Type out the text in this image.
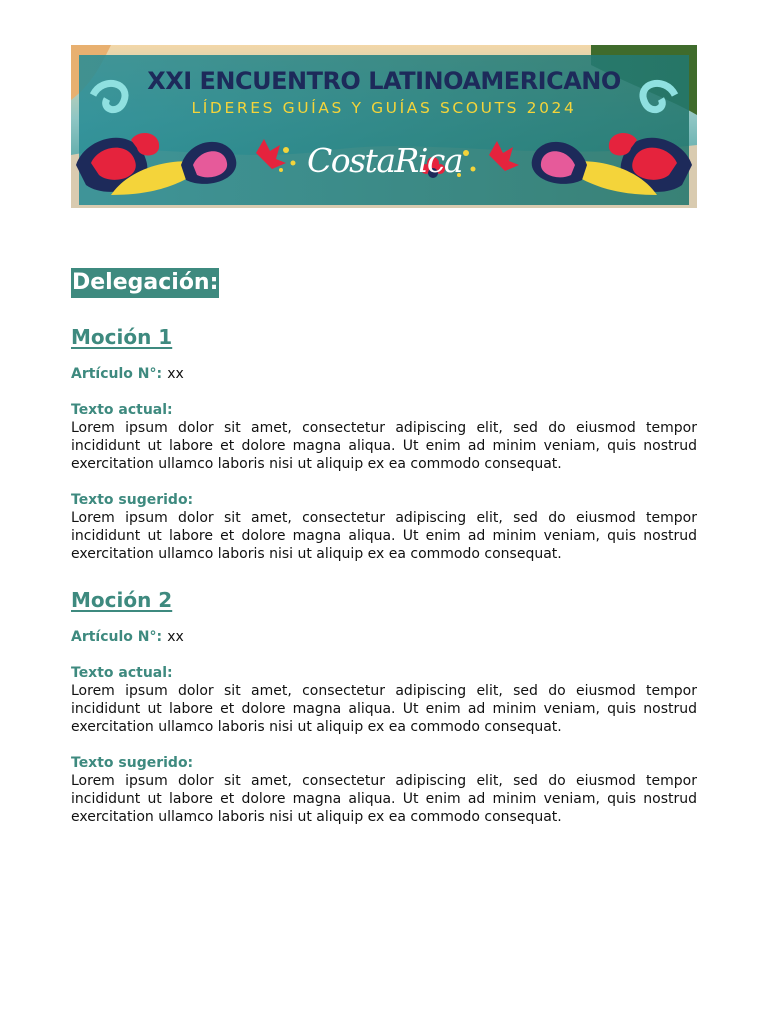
XXI ENCUENTRO LATINOAMERICANO
LÍDERES GUÍAS Y GUÍAS SCOUTS 2024
CostaRica
Delegación:
Moción 1
Artículo N°: xx
Texto actual:
Lorem ipsum dolor sit amet, consectetur adipiscing elit, sed do eiusmod tempor incididunt ut labore et dolore magna aliqua. Ut enim ad minim veniam, quis nostrud exercitation ullamco laboris nisi ut aliquip ex ea commodo consequat.
Texto sugerido:
Lorem ipsum dolor sit amet, consectetur adipiscing elit, sed do eiusmod tempor incididunt ut labore et dolore magna aliqua. Ut enim ad minim veniam, quis nostrud exercitation ullamco laboris nisi ut aliquip ex ea commodo consequat.
Moción 2
Artículo N°: xx
Texto actual:
Lorem ipsum dolor sit amet, consectetur adipiscing elit, sed do eiusmod tempor incididunt ut labore et dolore magna aliqua. Ut enim ad minim veniam, quis nostrud exercitation ullamco laboris nisi ut aliquip ex ea commodo consequat.
Texto sugerido:
Lorem ipsum dolor sit amet, consectetur adipiscing elit, sed do eiusmod tempor incididunt ut labore et dolore magna aliqua. Ut enim ad minim veniam, quis nostrud exercitation ullamco laboris nisi ut aliquip ex ea commodo consequat.
